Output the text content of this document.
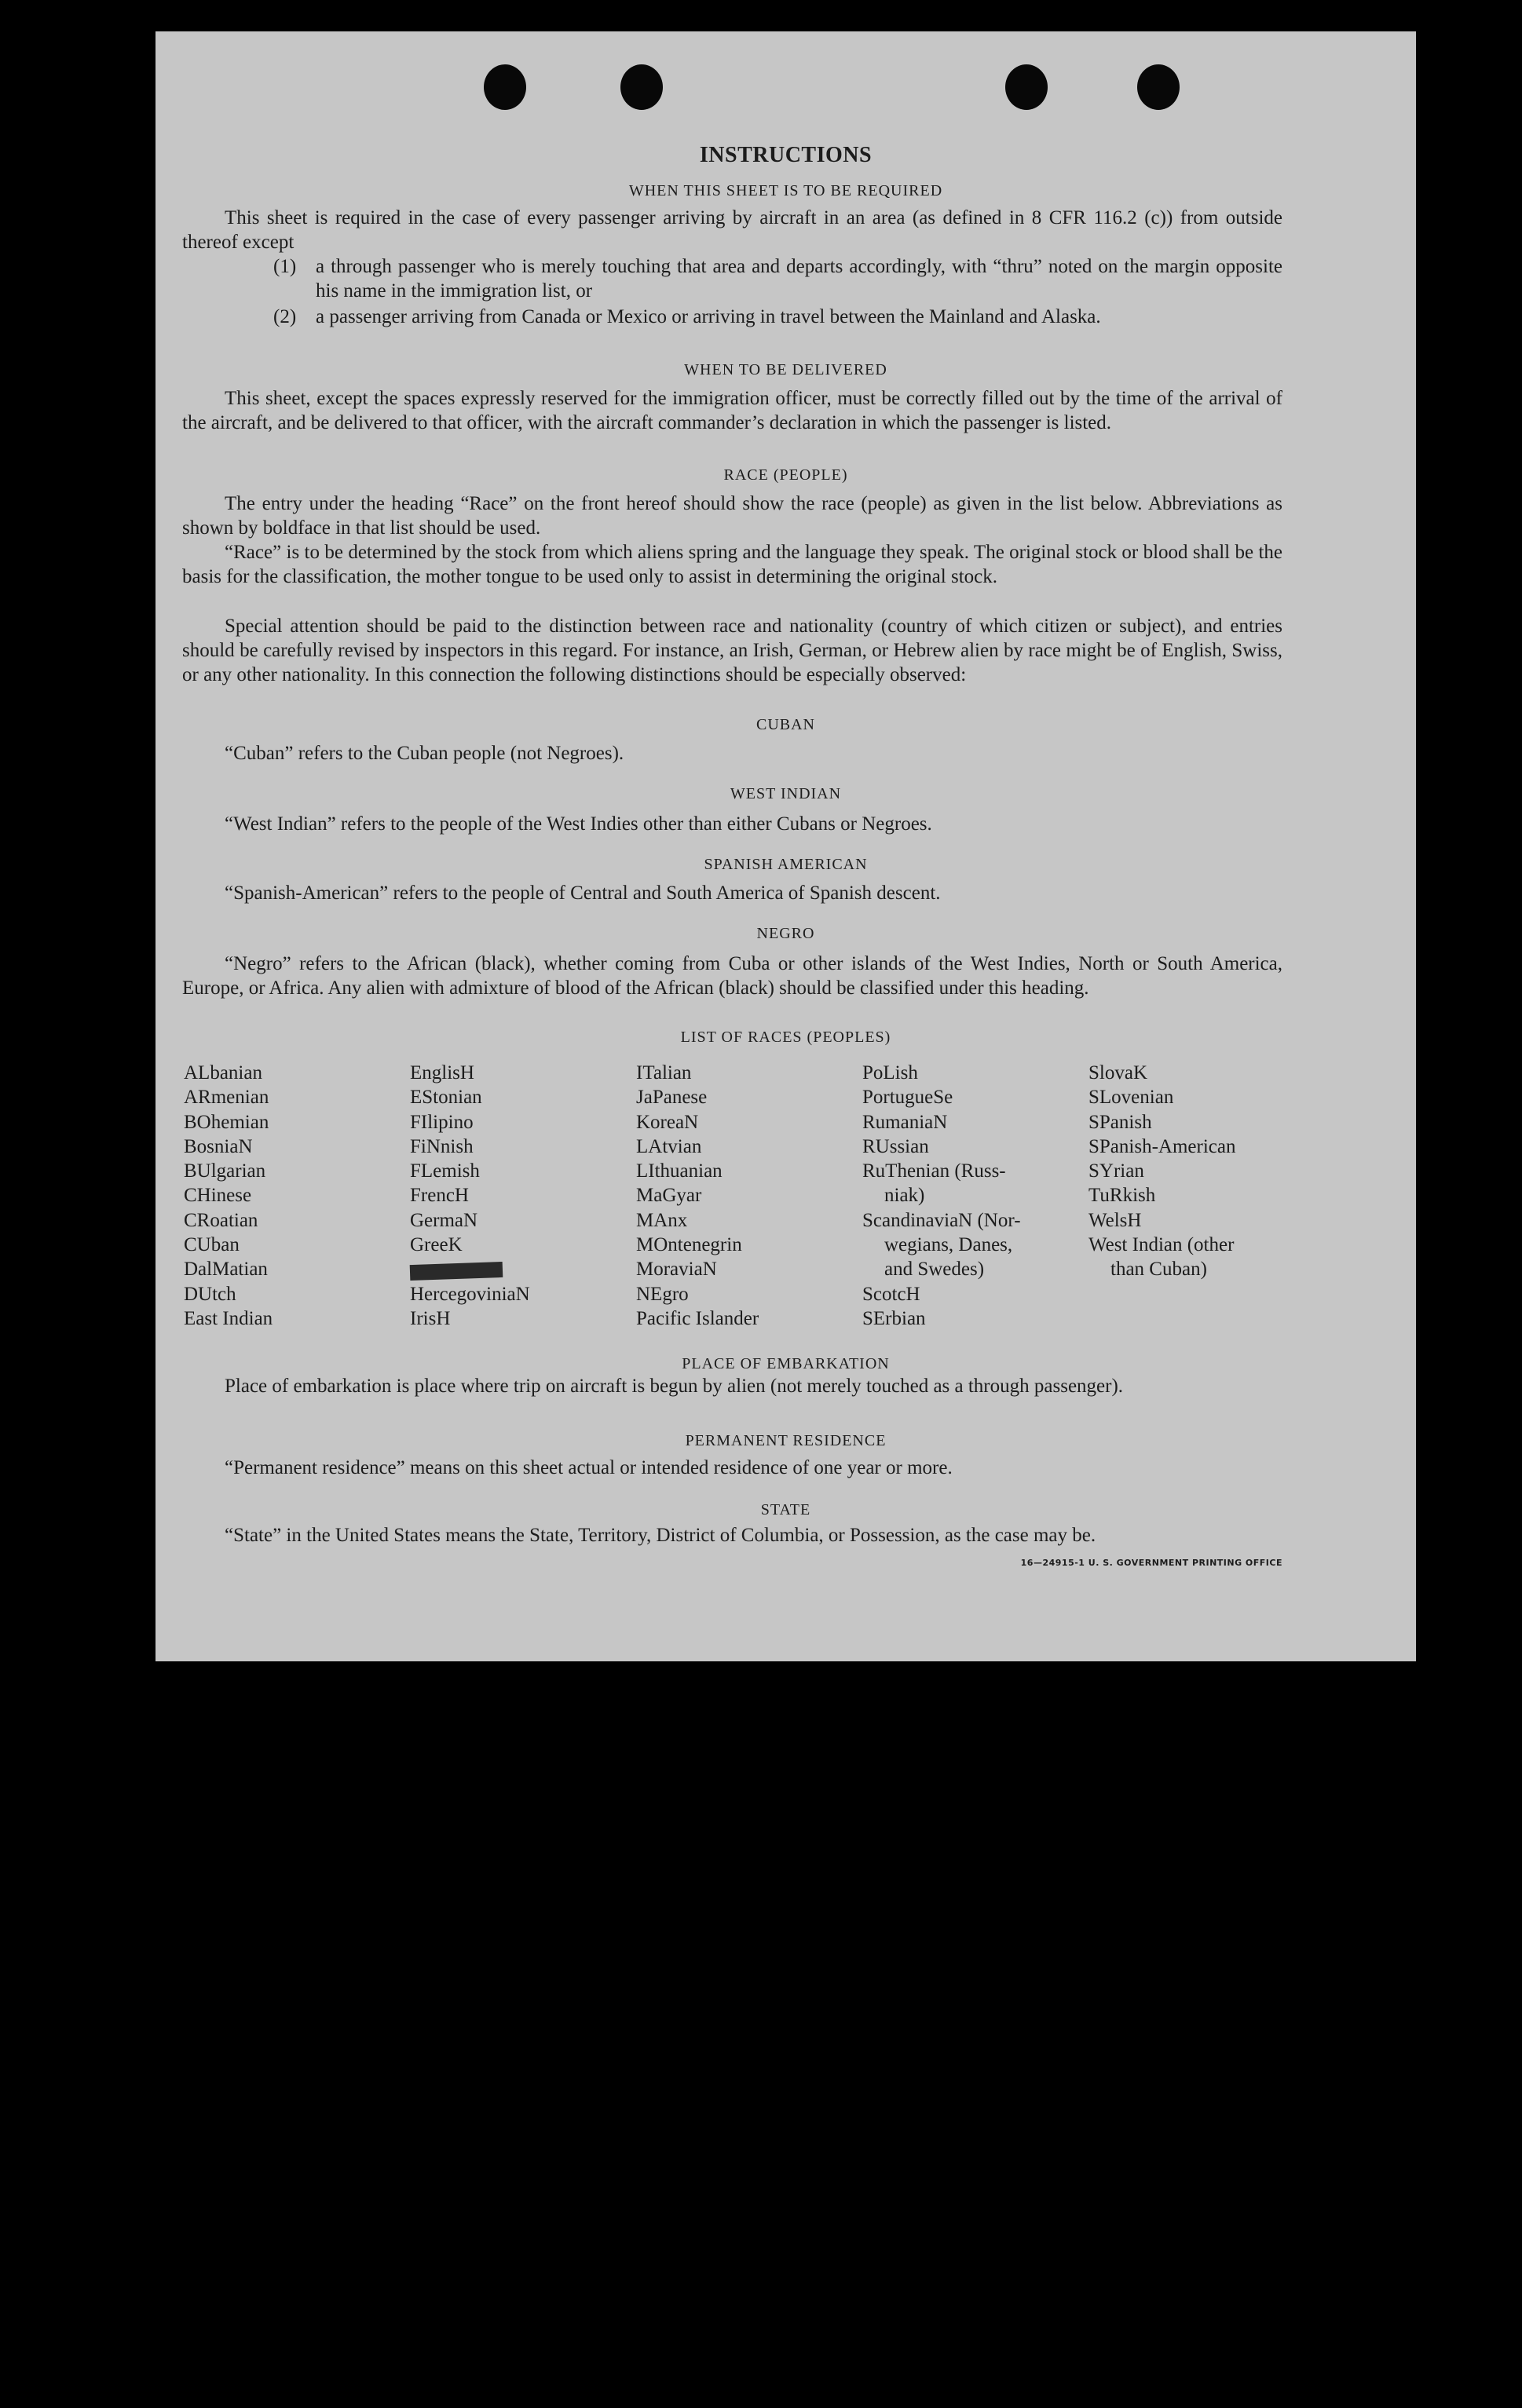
INSTRUCTIONS
WHEN THIS SHEET IS TO BE REQUIRED
This sheet is required in the case of every passenger arriving by aircraft in an area (as defined in 8 CFR 116.2 (c)) from outside thereof except
(1) a through passenger who is merely touching that area and departs accordingly, with “thru” noted on the margin opposite his name in the immigration list, or
(2) a passenger arriving from Canada or Mexico or arriving in travel between the Mainland and Alaska.
WHEN TO BE DELIVERED
This sheet, except the spaces expressly reserved for the immigration officer, must be correctly filled out by the time of the arrival of the aircraft, and be delivered to that officer, with the aircraft commander’s declaration in which the passenger is listed.
RACE (PEOPLE)
The entry under the heading “Race” on the front hereof should show the race (people) as given in the list below. Abbreviations as shown by boldface in that list should be used.
“Race” is to be determined by the stock from which aliens spring and the language they speak. The original stock or blood shall be the basis for the classification, the mother tongue to be used only to assist in determining the original stock.
Special attention should be paid to the distinction between race and nationality (country of which citizen or subject), and entries should be carefully revised by inspectors in this regard. For instance, an Irish, German, or Hebrew alien by race might be of English, Swiss, or any other nationality. In this connection the following distinctions should be especially observed:
CUBAN
“Cuban” refers to the Cuban people (not Negroes).
WEST INDIAN
“West Indian” refers to the people of the West Indies other than either Cubans or Negroes.
SPANISH AMERICAN
“Spanish-American” refers to the people of Central and South America of Spanish descent.
NEGRO
“Negro” refers to the African (black), whether coming from Cuba or other islands of the West Indies, North or South America, Europe, or Africa. Any alien with admixture of blood of the African (black) should be classified under this heading.
LIST OF RACES (PEOPLES)
ALbanian
ARmenian
BOhemian
BosniaN
BUlgarian
CHinese
CRoatian
CUban
DalMatian
DUtch
East Indian
EnglisH
EStonian
FIlipino
FiNnish
FLemish
FrencH
GermaN
GreeK
HercegoviniaN
IrisH
ITalian
JaPanese
KoreaN
LAtvian
LIthuanian
MaGyar
MAnx
MOntenegrin
MoraviaN
NEgro
Pacific Islander
PoLish
PortugueSe
RumaniaN
RUssian
RuThenian (Russ-
niak)
ScandinaviaN (Nor-
wegians, Danes,
and Swedes)
ScotcH
SErbian
SlovaK
SLovenian
SPanish
SPanish-American
SYrian
TuRkish
WelsH
West Indian (other
than Cuban)
PLACE OF EMBARKATION
Place of embarkation is place where trip on aircraft is begun by alien (not merely touched as a through passenger).
PERMANENT RESIDENCE
“Permanent residence” means on this sheet actual or intended residence of one year or more.
STATE
“State” in the United States means the State, Territory, District of Columbia, or Possession, as the case may be.
16—24915-1 U. S. GOVERNMENT PRINTING OFFICE
